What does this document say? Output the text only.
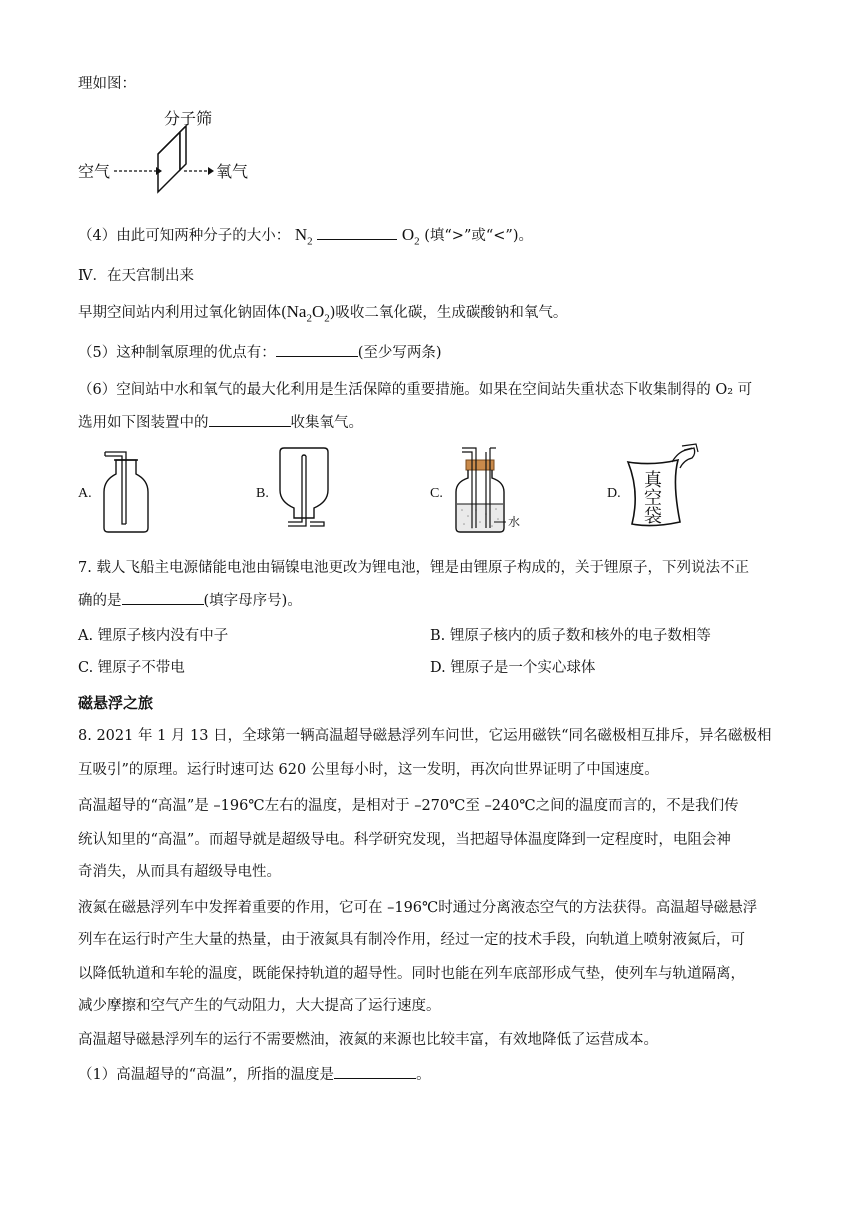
理如图：
分子筛
空气	氧气
（4）由此可知两种分子的大小： $N_2$	$O_2$ (填“>”或“<”)。
Ⅳ．在天宫制出来
早期空间站内利用过氧化钠固体$(Na_2O_2)$吸收二氧化碳，生成碳酸钠和氧气。
（5）这种制氧原理的优点有：	(至少写两条)
（6）空间站中水和氧气的最大化利用是生活保障的重要措施。如果在空间站失重状态下收集制得的 O₂ 可
选用如下图装置中的	收集氧气。
A.	B.	C.
水
D.
真
空
袋
7. 载人飞船主电源储能电池由镉镍电池更改为锂电池，锂是由锂原子构成的，关于锂原子，下列说法不正
确的是	(填字母序号)。
A. 锂原子核内没有中子	B. 锂原子核内的质子数和核外的电子数相等
C. 锂原子不带电	D. 锂原子是一个实心球体
磁悬浮之旅
8. 2021 年 1 月 13 日，全球第一辆高温超导磁悬浮列车问世，它运用磁铁“同名磁极相互排斥，异名磁极相
互吸引”的原理。运行时速可达 620 公里每小时，这一发明，再次向世界证明了中国速度。
高温超导的“高温”是 –196℃左右的温度，是相对于 –270℃至 –240℃之间的温度而言的，不是我们传
统认知里的“高温”。而超导就是超级导电。科学研究发现，当把超导体温度降到一定程度时，电阻会神
奇消失，从而具有超级导电性。
液氮在磁悬浮列车中发挥着重要的作用，它可在 –196℃时通过分离液态空气的方法获得。高温超导磁悬浮
列车在运行时产生大量的热量，由于液氮具有制冷作用，经过一定的技术手段，向轨道上喷射液氮后，可
以降低轨道和车轮的温度，既能保持轨道的超导性。同时也能在列车底部形成气垫，使列车与轨道隔离，
减少摩擦和空气产生的气动阻力，大大提高了运行速度。
高温超导磁悬浮列车的运行不需要燃油，液氮的来源也比较丰富，有效地降低了运营成本。
（1）高温超导的“高温”，所指的温度是	。
